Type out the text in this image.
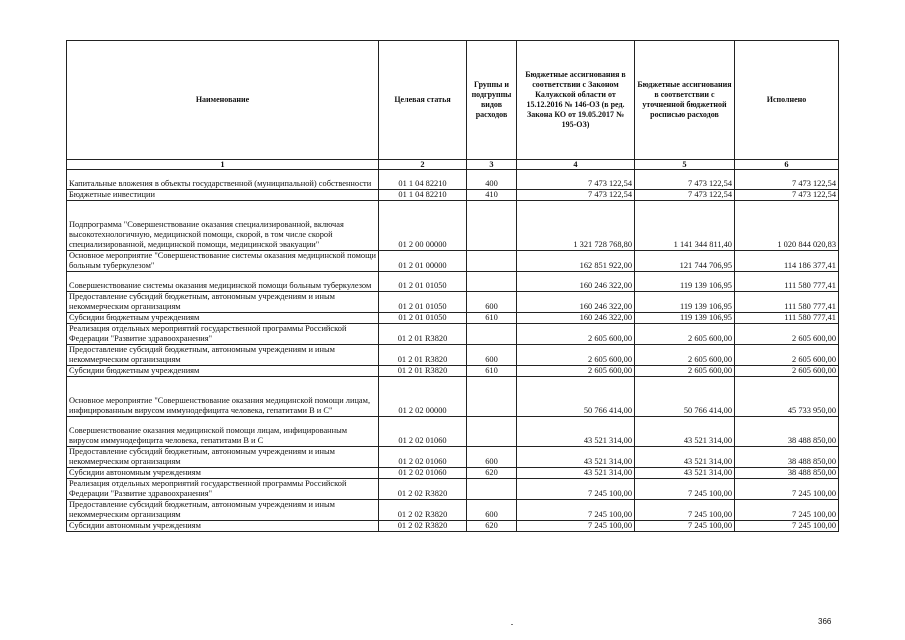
Наименование	Целевая статья	Группы и подгруппы видов расходов	Бюджетные ассигнования в соответствии с Законом Калужской области от 15.12.2016 № 146-ОЗ (в ред. Закона КО от 19.05.2017 № 195-ОЗ)	Бюджетные ассигнования в соответствии с уточненной бюджетной росписью расходов	Исполнено
1	2	3	4	5	6
Капитальные вложения в объекты государственной (муниципальной) собственности	01 1 04 82210	400	7 473 122,54	7 473 122,54	7 473 122,54
Бюджетные инвестиции	01 1 04 82210	410	7 473 122,54	7 473 122,54	7 473 122,54
Подпрограмма "Совершенствование оказания специализированной, включая высокотехнологичную, медицинской помощи, скорой, в том числе скорой специализированной, медицинской помощи, медицинской эвакуации"	01 2 00 00000		1 321 728 768,80	1 141 344 811,40	1 020 844 020,83
Основное мероприятие "Совершенствование системы оказания медицинской помощи больным туберкулезом"	01 2 01 00000		162 851 922,00	121 744 706,95	114 186 377,41
Совершенствование системы оказания медицинской помощи больным туберкулезом	01 2 01 01050		160 246 322,00	119 139 106,95	111 580 777,41
Предоставление субсидий бюджетным, автономным учреждениям и иным некоммерческим организациям	01 2 01 01050	600	160 246 322,00	119 139 106,95	111 580 777,41
Субсидии бюджетным учреждениям	01 2 01 01050	610	160 246 322,00	119 139 106,95	111 580 777,41
Реализация отдельных мероприятий государственной программы Российской Федерации "Развитие здравоохранения"	01 2 01 R3820		2 605 600,00	2 605 600,00	2 605 600,00
Предоставление субсидий бюджетным, автономным учреждениям и иным некоммерческим организациям	01 2 01 R3820	600	2 605 600,00	2 605 600,00	2 605 600,00
Субсидии бюджетным учреждениям	01 2 01 R3820	610	2 605 600,00	2 605 600,00	2 605 600,00
Основное мероприятие "Совершенствование оказания медицинской помощи лицам, инфицированным вирусом иммунодефицита человека, гепатитами В и С"	01 2 02 00000		50 766 414,00	50 766 414,00	45 733 950,00
Совершенствование оказания медицинской помощи лицам, инфицированным вирусом иммунодефицита человека, гепатитами В и С	01 2 02 01060		43 521 314,00	43 521 314,00	38 488 850,00
Предоставление субсидий бюджетным, автономным учреждениям и иным некоммерческим организациям	01 2 02 01060	600	43 521 314,00	43 521 314,00	38 488 850,00
Субсидии автономным учреждениям	01 2 02 01060	620	43 521 314,00	43 521 314,00	38 488 850,00
Реализация отдельных мероприятий государственной программы Российской Федерации "Развитие здравоохранения"	01 2 02 R3820		7 245 100,00	7 245 100,00	7 245 100,00
Предоставление субсидий бюджетным, автономным учреждениям и иным некоммерческим организациям	01 2 02 R3820	600	7 245 100,00	7 245 100,00	7 245 100,00
Субсидии автономным учреждениям	01 2 02 R3820	620	7 245 100,00	7 245 100,00	7 245 100,00
366
